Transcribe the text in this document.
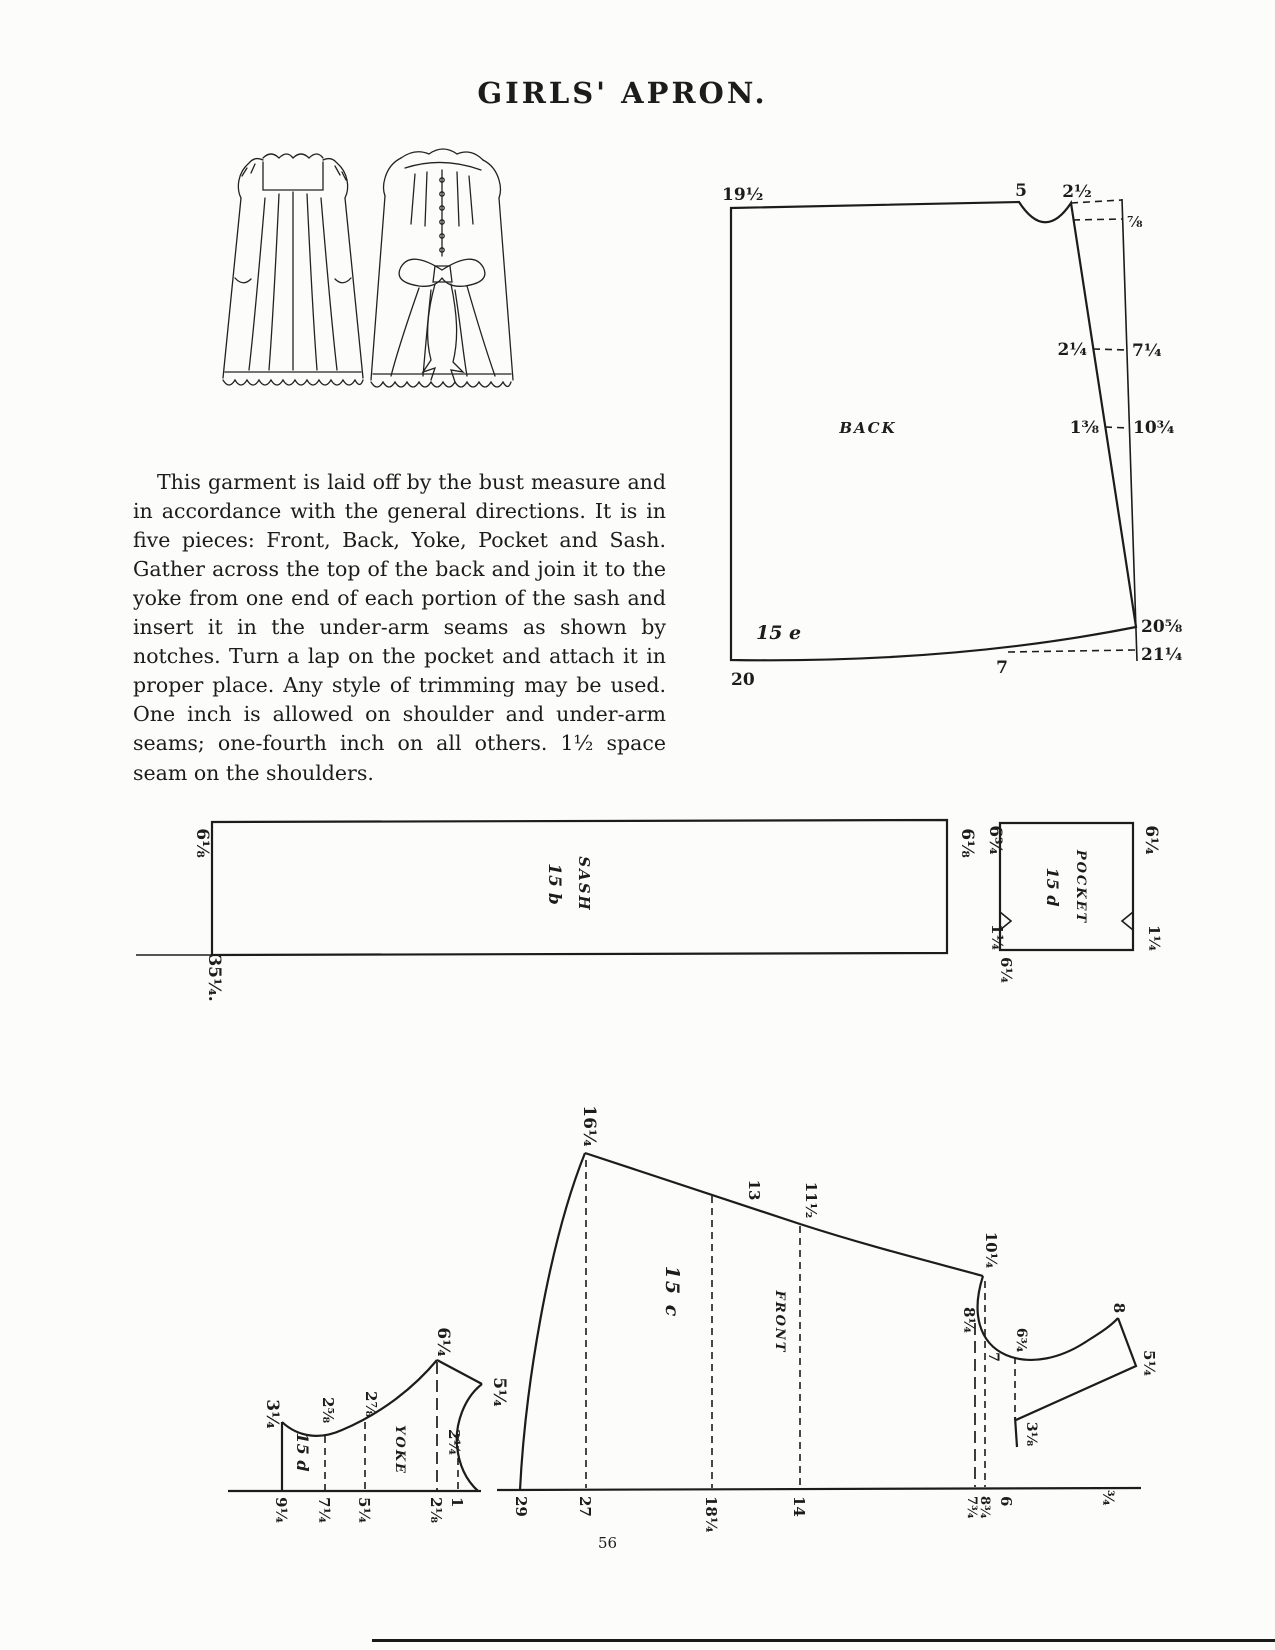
GIRLS' APRON.

This garment is laid off by the bust measure and in accordance with the general directions. It is in five pieces: Front, Back, Yoke, Pocket and Sash. Gather across the top of the back and join it to the yoke from one end of each portion of the sash and insert it in the under-arm seams as shown by notches. Turn a lap on the pocket and attach it in proper place. Any style of trimming may be used. One inch is allowed on shoulder and under-arm seams; one-fourth inch on all others. 1½ space seam on the shoulders.

19½	5 2½
⅞
2¼	7¼
1⅜ 10¾
20⅝
21¼
7
20
BACK
15 e
6⅛	6⅛
35¼.
SASH
15 b
6¾	6¼
1¼	1¼
6¼
POCKET
15 d
3¼ 2⅝ 2⅞
6¼
5¼
2¼
9¼ 7¼ 5¼	2⅛ 1
15 d	YOKE
16¼
13	11½
10¼
8¼
7
6¾
8
5¼
3⅛
29	27	18¼	14	7¾
8¾ 6	¾
15 c	FRONT
56
